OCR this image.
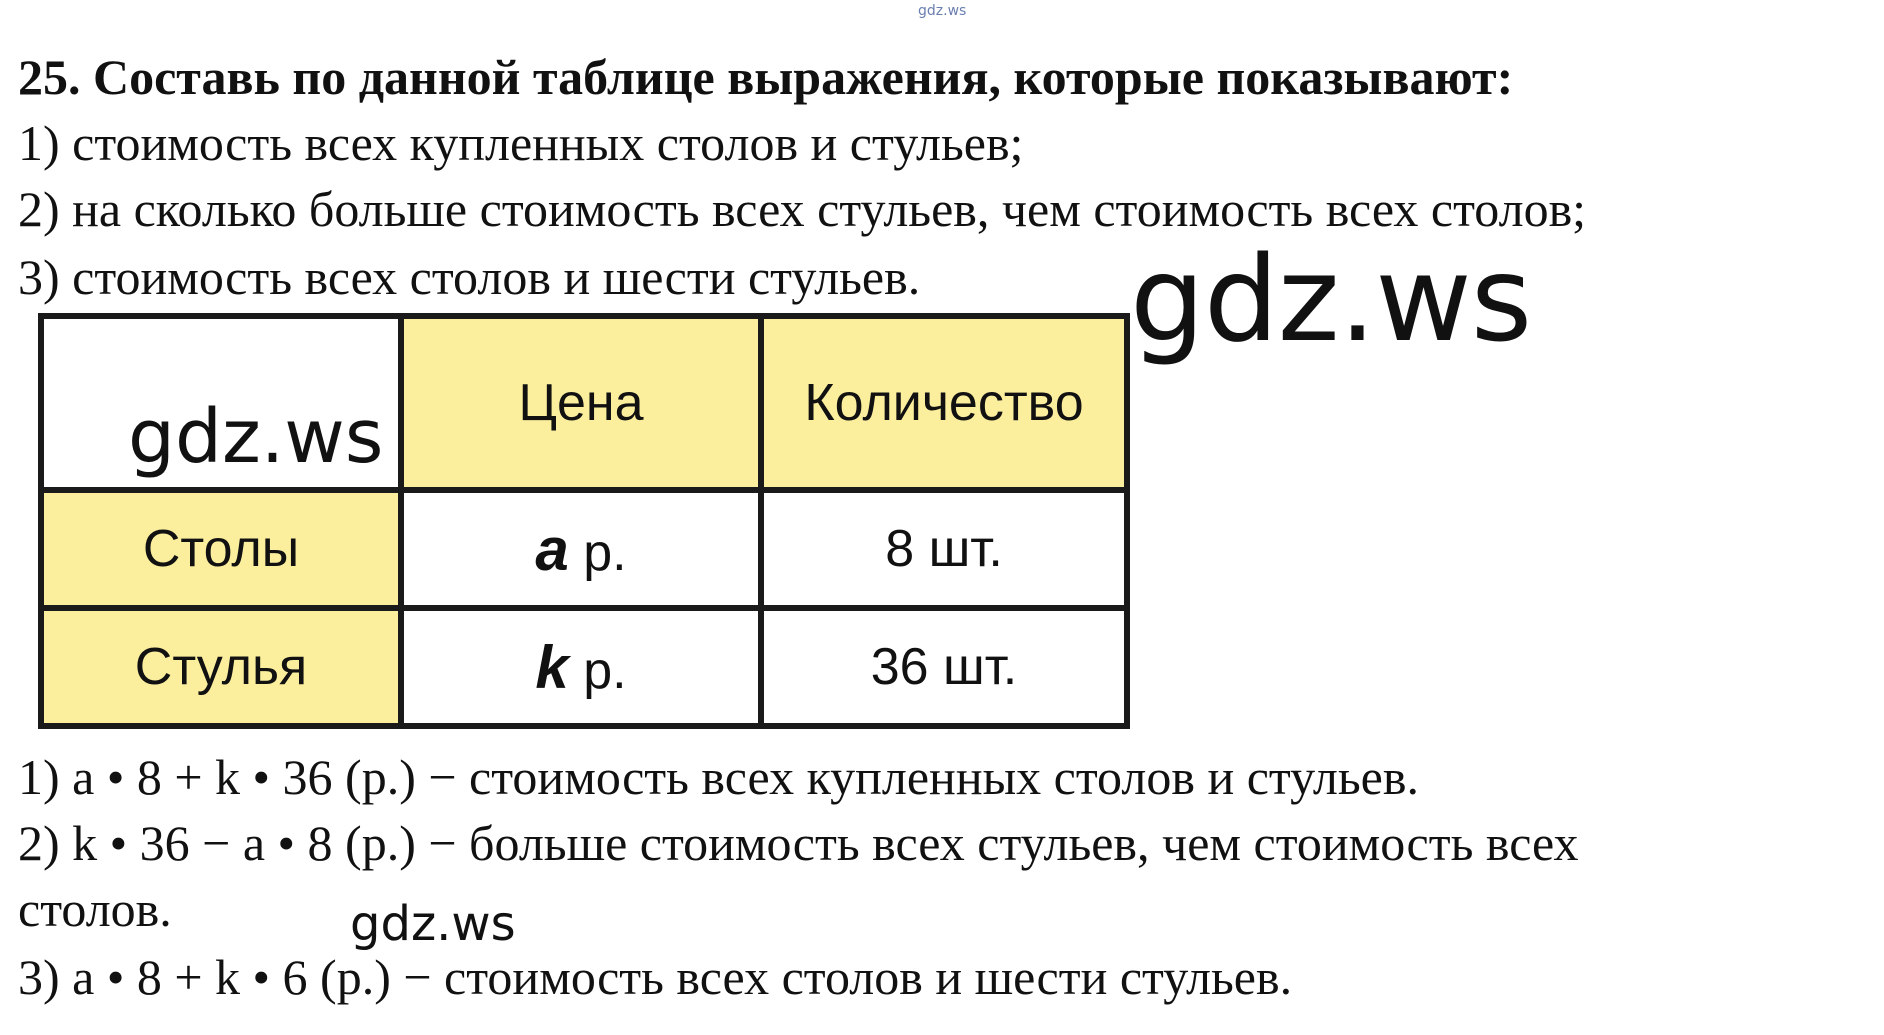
gdz.ws
25. Составь по данной таблице выражения, которые показывают:
1) стоимость всех купленных столов и стульев;
2) на сколько больше стоимость всех стульев, чем стоимость всех столов;
3) стоимость всех столов и шести стульев.
	Цена	Количество
Столы	a р.	8 шт.
Стулья	k р.	36 шт.
gdz.ws
gdz.ws
1) a • 8 + k • 36 (р.) − стоимость всех купленных столов и стульев.
2) k • 36 − a • 8 (р.) − больше стоимость всех стульев, чем стоимость всех
столов.
3) a • 8 + k • 6 (р.) − стоимость всех столов и шести стульев.
gdz.ws
